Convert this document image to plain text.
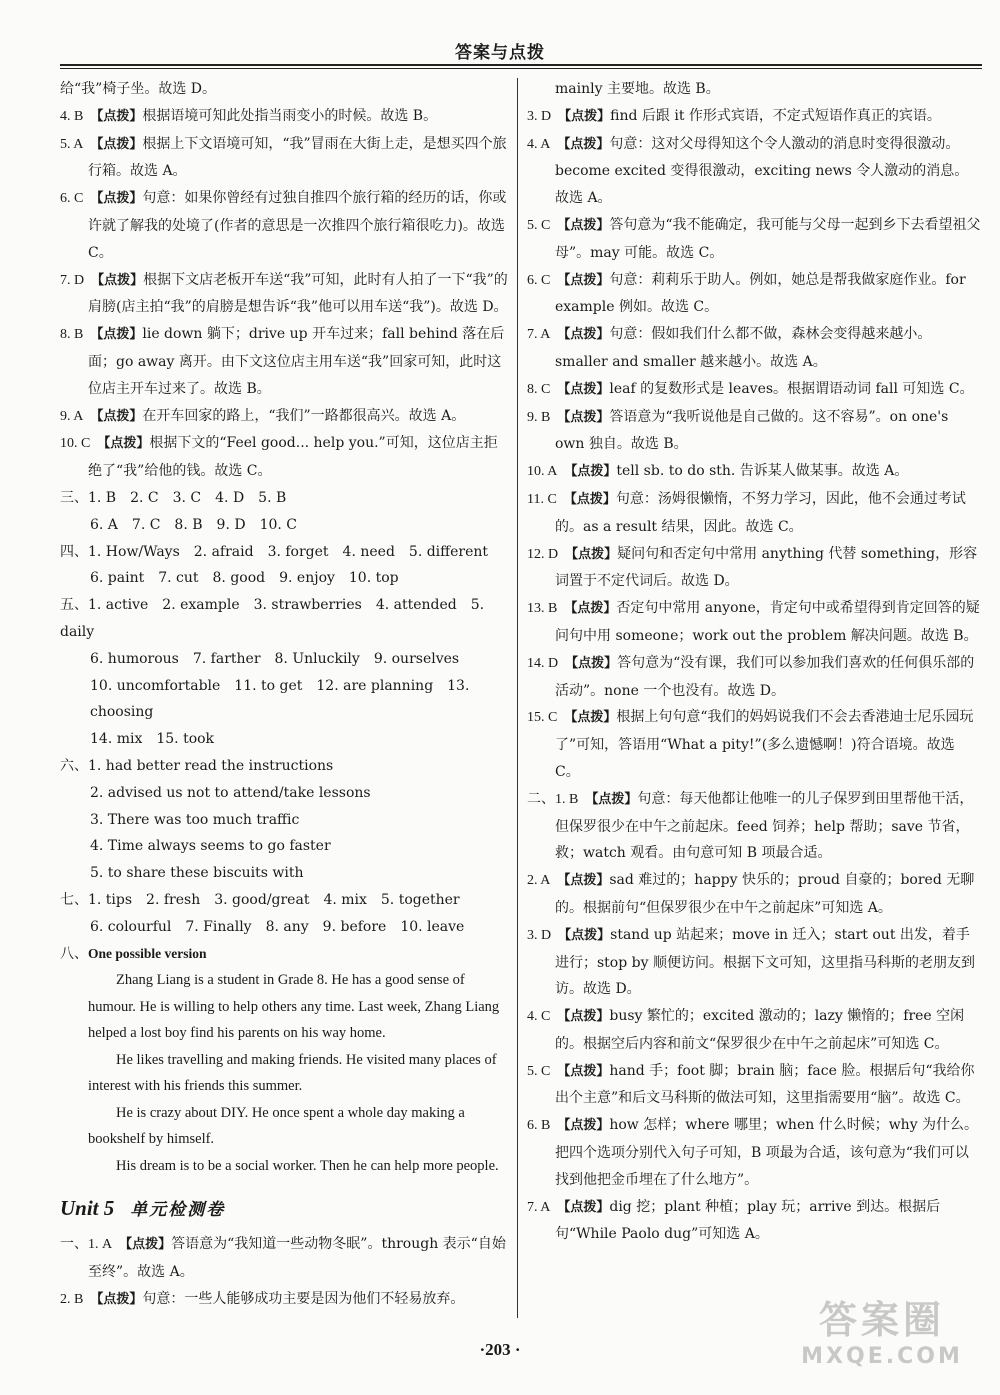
答案与点拨
给“我”椅子坐。故选 D。
4. B  【点拨】根据语境可知此处指当雨变小的时候。故选 B。
5. A  【点拨】根据上下文语境可知，“我”冒雨在大街上走，是想买四个旅行箱。故选 A。
6. C  【点拨】句意：如果你曾经有过独自推四个旅行箱的经历的话，你或许就了解我的处境了(作者的意思是一次推四个旅行箱很吃力)。故选 C。
7. D  【点拨】根据下文店老板开车送“我”可知，此时有人拍了一下“我”的肩膀(店主拍“我”的肩膀是想告诉“我”他可以用车送“我”)。故选 D。
8. B  【点拨】lie down 躺下；drive up 开车过来；fall behind 落在后面；go away 离开。由下文这位店主用车送“我”回家可知，此时这位店主开车过来了。故选 B。
9. A  【点拨】在开车回家的路上，“我们”一路都很高兴。故选 A。
10. C  【点拨】根据下文的“Feel good... help you.”可知，这位店主拒绝了“我”给他的钱。故选 C。
三、1. B　2. C　3. C　4. D　5. B
6. A　7. C　8. B　9. D　10. C
四、1. How/Ways　2. afraid　3. forget　4. need　5. different
6. paint　7. cut　8. good　9. enjoy　10. top
五、1. active　2. example　3. strawberries　4. attended　5. daily
6. humorous　7. farther　8. Unluckily　9. ourselves
10. uncomfortable　11. to get　12. are planning　13. choosing
14. mix　15. took
六、1. had better read the instructions
2. advised us not to attend/take lessons
3. There was too much traffic
4. Time always seems to go faster
5. to share these biscuits with
七、1. tips　2. fresh　3. good/great　4. mix　5. together
6. colourful　7. Finally　8. any　9. before　10. leave
八、One possible version

Zhang Liang is a student in Grade 8. He has a good sense of humour. He is willing to help others any time. Last week, Zhang Liang helped a lost boy find his parents on his way home.

He likes travelling and making friends. He visited many places of interest with his friends this summer.

He is crazy about DIY. He once spent a whole day making a bookshelf by himself.

His dream is to be a social worker. Then he can help more people.

Unit 5 单元检测卷
一、1. A  【点拨】答语意为“我知道一些动物冬眠”。through 表示“自始至终”。故选 A。
2. B  【点拨】句意：一些人能够成功主要是因为他们不轻易放弃。
mainly 主要地。故选 B。
3. D  【点拨】find 后跟 it 作形式宾语，不定式短语作真正的宾语。
4. A  【点拨】句意：这对父母得知这个令人激动的消息时变得很激动。become excited 变得很激动，exciting news 令人激动的消息。故选 A。
5. C  【点拨】答句意为“我不能确定，我可能与父母一起到乡下去看望祖父母”。may 可能。故选 C。
6. C  【点拨】句意：莉莉乐于助人。例如，她总是帮我做家庭作业。for example 例如。故选 C。
7. A  【点拨】句意：假如我们什么都不做，森林会变得越来越小。smaller and smaller 越来越小。故选 A。
8. C  【点拨】leaf 的复数形式是 leaves。根据谓语动词 fall 可知选 C。
9. B  【点拨】答语意为“我听说他是自己做的。这不容易”。on one's own 独自。故选 B。
10. A  【点拨】tell sb. to do sth. 告诉某人做某事。故选 A。
11. C  【点拨】句意：汤姆很懒惰，不努力学习，因此，他不会通过考试的。as a result 结果，因此。故选 C。
12. D  【点拨】疑问句和否定句中常用 anything 代替 something，形容词置于不定代词后。故选 D。
13. B  【点拨】否定句中常用 anyone，肯定句中或希望得到肯定回答的疑问句中用 someone；work out the problem 解决问题。故选 B。
14. D  【点拨】答句意为“没有课，我们可以参加我们喜欢的任何俱乐部的活动”。none 一个也没有。故选 D。
15. C  【点拨】根据上句句意“我们的妈妈说我们不会去香港迪士尼乐园玩了”可知，答语用“What a pity!”(多么遗憾啊！)符合语境。故选 C。
二、1. B  【点拨】句意：每天他都让他唯一的儿子保罗到田里帮他干活，但保罗很少在中午之前起床。feed 饲养；help 帮助；save 节省，救；watch 观看。由句意可知 B 项最合适。
2. A  【点拨】sad 难过的；happy 快乐的；proud 自豪的；bored 无聊的。根据前句“但保罗很少在中午之前起床”可知选 A。
3. D  【点拨】stand up 站起来；move in 迁入；start out 出发，着手进行；stop by 顺便访问。根据下文可知，这里指马科斯的老朋友到访。故选 D。
4. C  【点拨】busy 繁忙的；excited 激动的；lazy 懒惰的；free 空闲的。根据空后内容和前文“保罗很少在中午之前起床”可知选 C。
5. C  【点拨】hand 手；foot 脚；brain 脑；face 脸。根据后句“我给你出个主意”和后文马科斯的做法可知，这里指需要用“脑”。故选 C。
6. B  【点拨】how 怎样；where 哪里；when 什么时候；why 为什么。把四个选项分别代入句子可知，B 项最为合适，该句意为“我们可以找到他把金币埋在了什么地方”。
7. A  【点拨】dig 挖；plant 种植；play 玩；arrive 到达。根据后句“While Paolo dug”可知选 A。
·203 ·
答案圈
MXQE.COM
